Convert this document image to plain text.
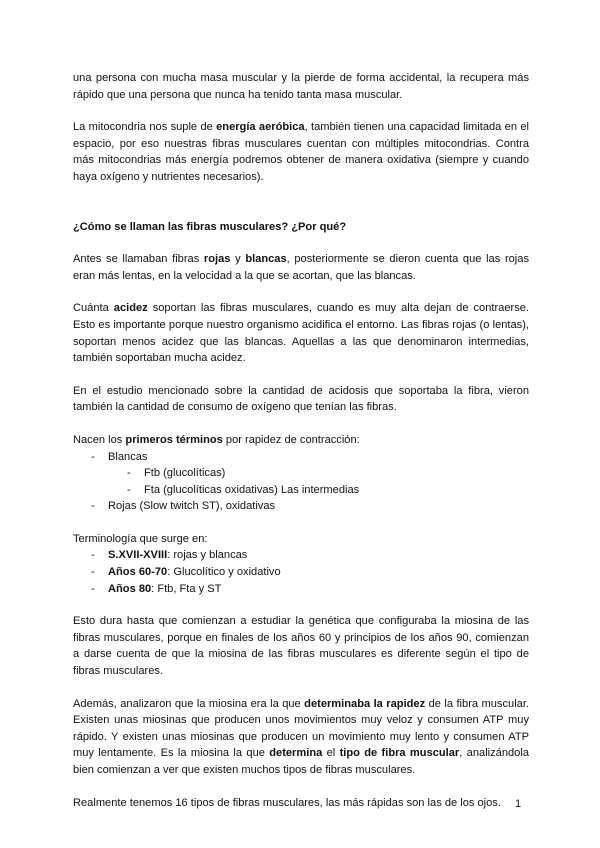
una persona con mucha masa muscular y la pierde de forma accidental, la recupera más rápido que una persona que nunca ha tenido tanta masa muscular.

La mitocondria nos suple de energía aeróbica, también tienen una capacidad limitada en el espacio, por eso nuestras fibras musculares cuentan con múltiples mitocondrias. Contra más mitocondrias más energía podremos obtener de manera oxidativa (siempre y cuando haya oxígeno y nutrientes necesarios).

¿Cómo se llaman las fibras musculares? ¿Por qué?

Antes se llamaban fibras rojas y blancas, posteriormente se dieron cuenta que las rojas eran más lentas, en la velocidad a la que se acortan, que las blancas.

Cuánta acidez soportan las fibras musculares, cuando es muy alta dejan de contraerse. Esto es importante porque nuestro organismo acidifica el entorno. Las fibras rojas (o lentas), soportan menos acidez que las blancas. Aquellas a las que denominaron intermedias, también soportaban mucha acidez.

En el estudio mencionado sobre la cantidad de acidosis que soportaba la fibra, vieron también la cantidad de consumo de oxígeno que tenían las fibras.

Nacen los primeros términos por rapidez de contracción:

-	Blancas
-	Ftb (glucolíticas)
-	Fta (glucolíticas oxidativas) Las intermedias
-	Rojas (Slow twitch ST), oxidativas

Terminología que surge en:

-	S.XVII-XVIII: rojas y blancas
-	Años 60-70: Glucolítico y oxidativo
-	Años 80: Ftb, Fta y ST

Esto dura hasta que comienzan a estudiar la genética que configuraba la miosina de las fibras musculares, porque en finales de los años 60 y principios de los años 90, comienzan a darse cuenta de que la miosina de las fibras musculares es diferente según el tipo de fibras musculares.

Además, analizaron que la miosina era la que determinaba la rapidez de la fibra muscular. Existen unas miosinas que producen unos movimientos muy veloz y consumen ATP muy rápido. Y existen unas miosinas que producen un movimiento muy lento y consumen ATP muy lentamente. Es la miosina la que determina el tipo de fibra muscular, analizándola bien comienzan a ver que existen muchos tipos de fibras musculares.

Realmente tenemos 16 tipos de fibras musculares, las más rápidas son las de los ojos.	1
